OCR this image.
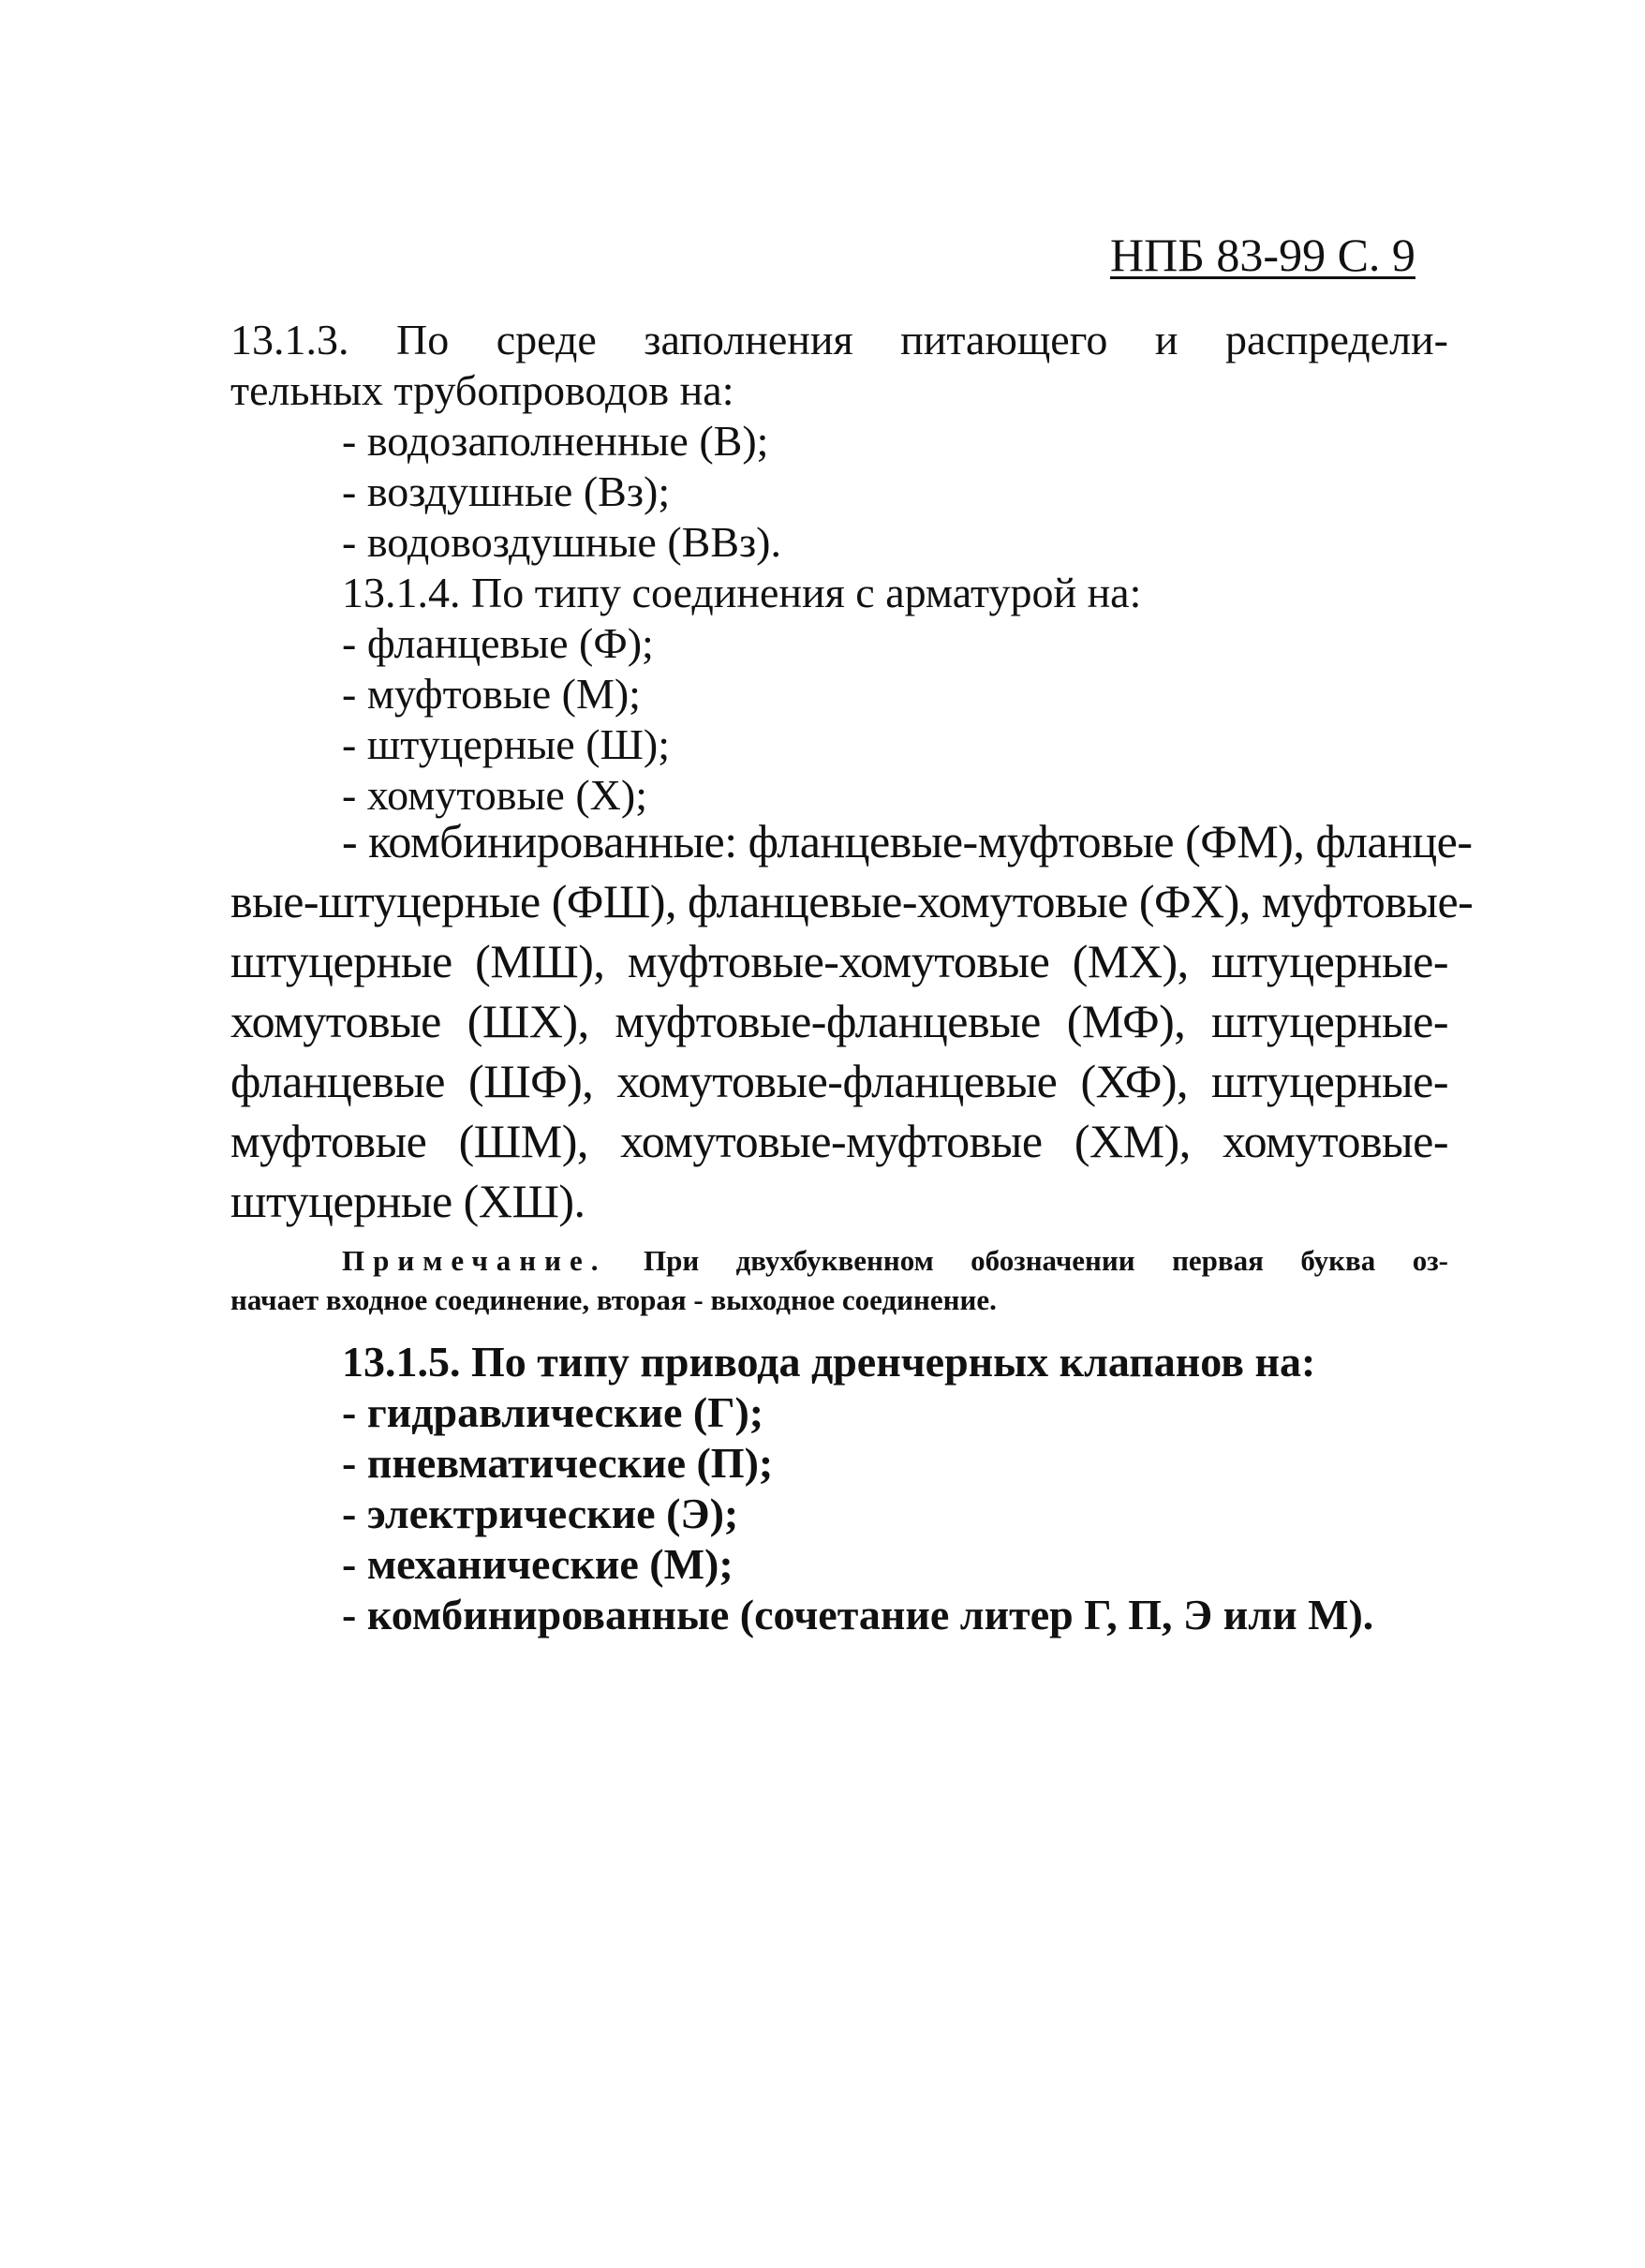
НПБ 83-99 С. 9
13.1.3. По среде заполнения питающего и распредели-
тельных трубопроводов на:
- водозаполненные (В);
- воздушные (Вз);
- водовоздушные (ВВз).
13.1.4. По типу соединения с арматурой на:
- фланцевые (Ф);
- муфтовые (М);
- штуцерные (Ш);
- хомутовые (Х);
- комбинированные: фланцевые-муфтовые (ФМ), фланце-
вые-штуцерные (ФШ), фланцевые-хомутовые (ФХ), муфтовые-
штуцерные (МШ), муфтовые-хомутовые (МХ), штуцерные-
хомутовые (ШХ), муфтовые-фланцевые (МФ), штуцерные-
фланцевые (ШФ), хомутовые-фланцевые (ХФ), штуцерные-
муфтовые (ШМ), хомутовые-муфтовые (ХМ), хомутовые-
штуцерные (ХШ).
Примечание. При двухбуквенном обозначении первая буква оз-
начает входное соединение, вторая - выходное соединение.
13.1.5. По типу привода дренчерных клапанов на:
- гидравлические (Г);
- пневматические (П);
- электрические (Э);
- механические (М);
- комбинированные (сочетание литер Г, П, Э или М).
